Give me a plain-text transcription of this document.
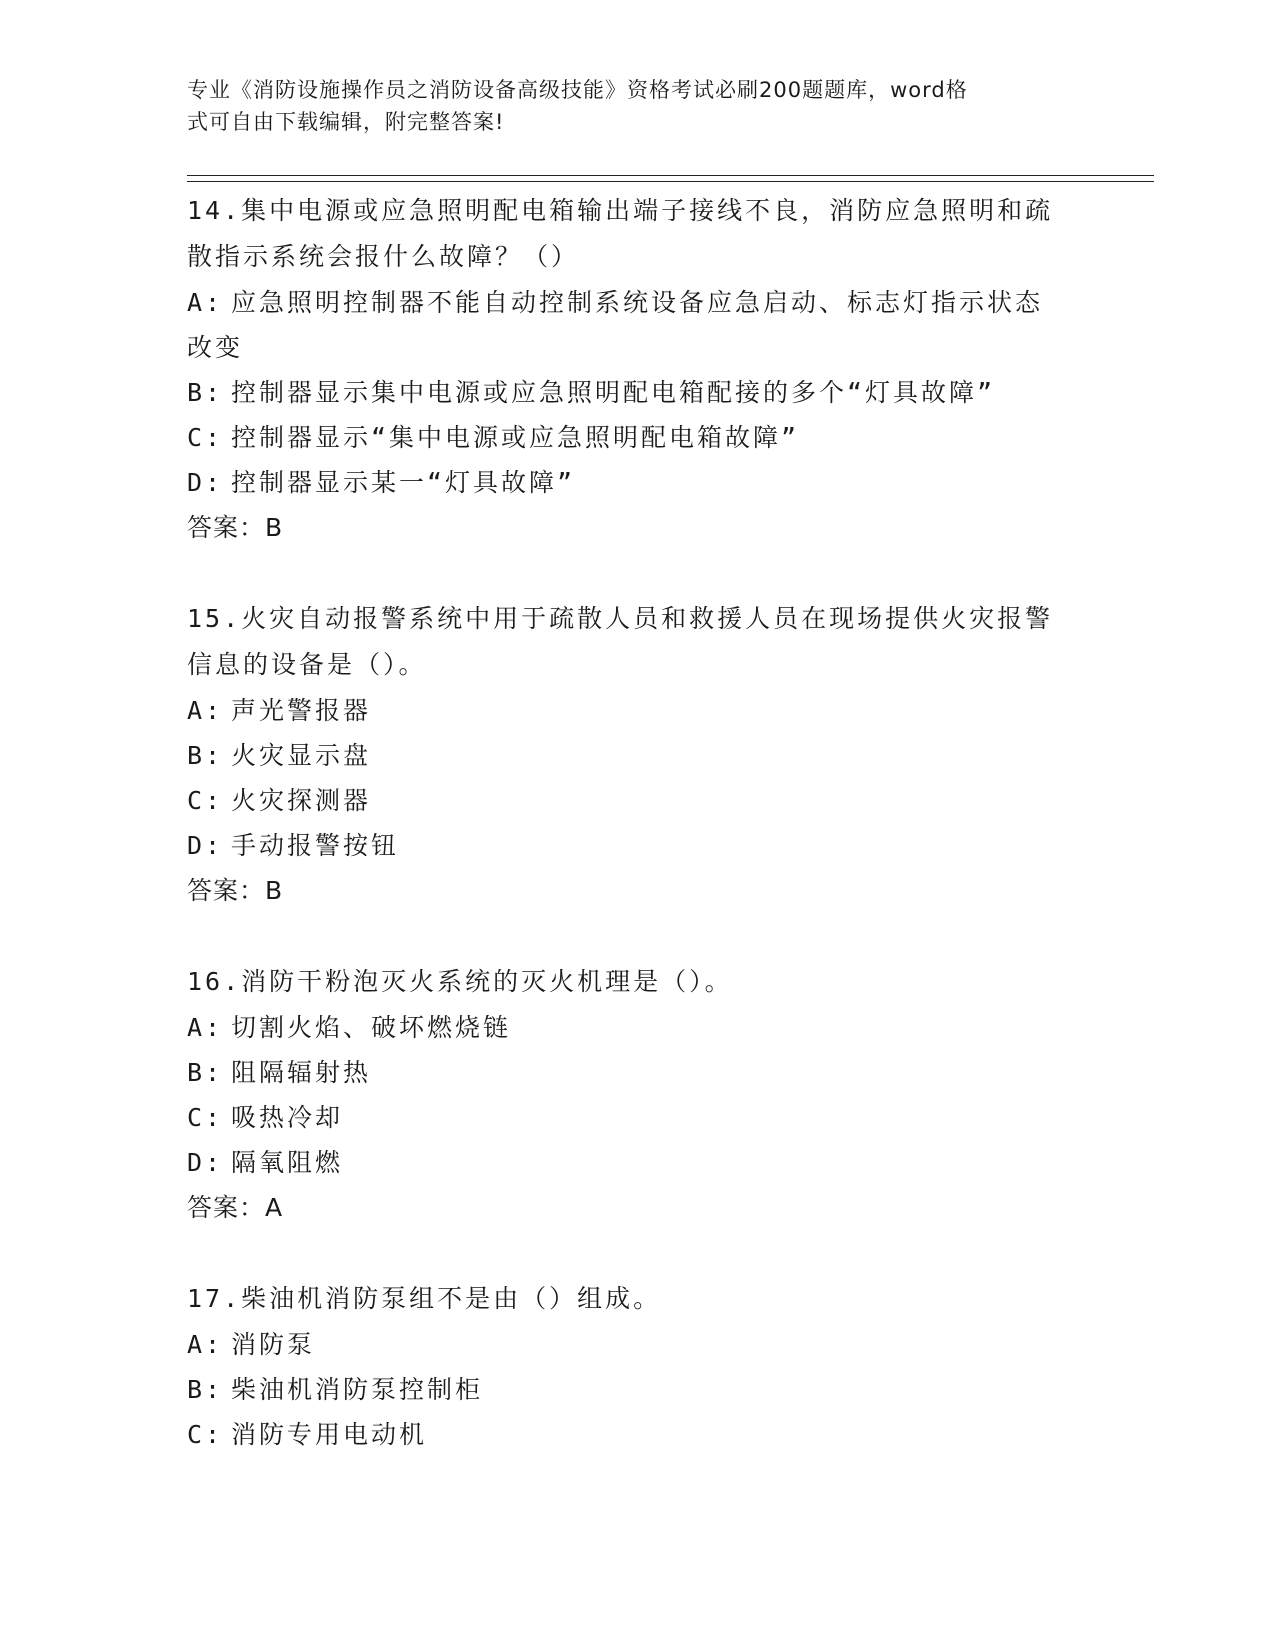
专业《消防设施操作员之消防设备高级技能》资格考试必刷200题题库，word格
式可自由下载编辑，附完整答案!
14.集中电源或应急照明配电箱输出端子接线不良，消防应急照明和疏
散指示系统会报什么故障？（）
A: 应急照明控制器不能自动控制系统设备应急启动、标志灯指示状态
改变
B: 控制器显示集中电源或应急照明配电箱配接的多个“灯具故障”
C: 控制器显示“集中电源或应急照明配电箱故障”
D: 控制器显示某一“灯具故障”
答案：B
15.火灾自动报警系统中用于疏散人员和救援人员在现场提供火灾报警
信息的设备是（）。
A: 声光警报器
B: 火灾显示盘
C: 火灾探测器
D: 手动报警按钮
答案：B
16.消防干粉泡灭火系统的灭火机理是（）。
A: 切割火焰、破坏燃烧链
B: 阻隔辐射热
C: 吸热冷却
D: 隔氧阻燃
答案：A
17.柴油机消防泵组不是由（）组成。
A: 消防泵
B: 柴油机消防泵控制柜
C: 消防专用电动机
